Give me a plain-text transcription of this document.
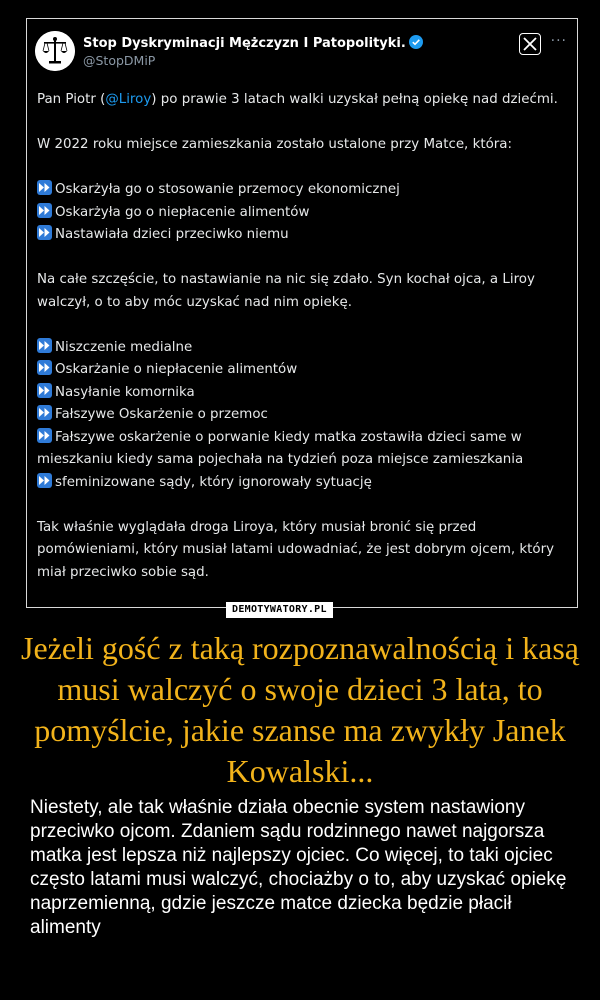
Stop Dyskryminacji Mężczyzn I Patopolityki.
@StopDMiP
···

Pan Piotr (@Liroy) po prawie 3 latach walki uzyskał pełną opiekę nad dziećmi.

W 2022 roku miejsce zamieszkania zostało ustalone przy Matce, która:

Oskarżyła go o stosowanie przemocy ekonomicznej
Oskarżyła go o niepłacenie alimentów
Nastawiała dzieci przeciwko niemu

Na całe szczęście, to nastawianie na nic się zdało. Syn kochał ojca, a Liroy walczył, o to aby móc uzyskać nad nim opiekę.

Niszczenie medialne
Oskarżanie o niepłacenie alimentów
Nasyłanie komornika
Fałszywe Oskarżenie o przemoc
Fałszywe oskarżenie o porwanie kiedy matka zostawiła dzieci same w mieszkaniu kiedy sama pojechała na tydzień poza miejsce zamieszkania
sfeminizowane sądy, który ignorowały sytuację

Tak właśnie wyglądała droga Liroya, który musiał bronić się przed pomówieniami, który musiał latami udowadniać, że jest dobrym ojcem, który miał przeciwko sobie sąd.

DEMOTYWATORY.PL
Jeżeli gość z taką rozpoznawalnością i kasą musi walczyć o swoje dzieci 3 lata, to pomyślcie, jakie szanse ma zwykły Janek Kowalski...
Niestety, ale tak właśnie działa obecnie system nastawiony przeciwko ojcom. Zdaniem sądu rodzinnego nawet najgorsza matka jest lepsza niż najlepszy ojciec. Co więcej, to taki ojciec często latami musi walczyć, chociażby o to, aby uzyskać opiekę naprzemienną, gdzie jeszcze matce dziecka będzie płacił alimenty
